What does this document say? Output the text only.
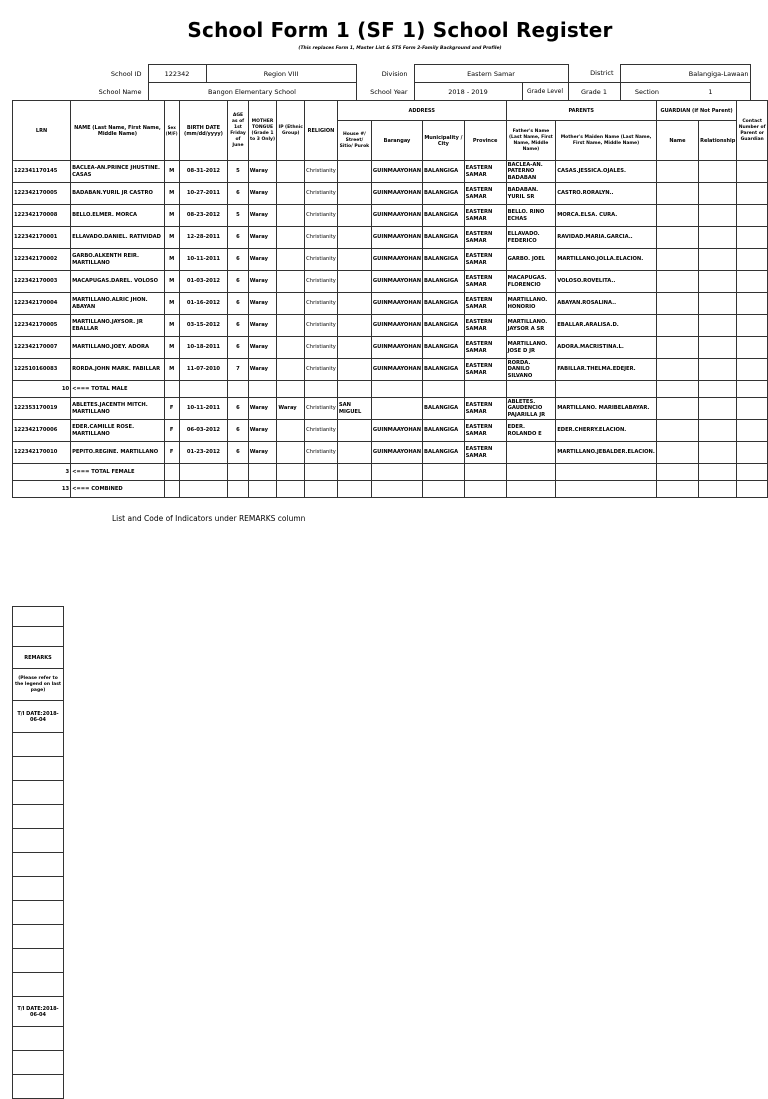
School Form 1 (SF 1) School Register
(This replaces Form 1, Master List & STS Form 2-Family Background and Profile)
School ID	122342	Region VIII	Division	Eastern Samar		District	Balangiga-Lawaan
School Name	Bangon Elementary School		School Year	2018 - 2019	Grade Level	Grade 1	Section 1
LRN	NAME (Last Name, First Name, Middle Name)	Sex (M/F)	BIRTH DATE (mm/dd/yyyy)	AGE as of 1st Friday of June	MOTHER TONGUE (Grade 1 to 3 Only)	IP (Ethnic Group)	RELIGION	ADDRESS				PARENTS		GUARDIAN (if Not Parent)		Contact Number of Parent or Guardian
								House #/ Street/ Sitio/ Purok	Barangay	Municipality / City	Province	Father's Name (Last Name, First Name, Middle Name)	Mother's Maiden Name (Last Name, First Name, Middle Name)	Name	Relationship	
122341170145	BACLEA-AN.PRINCE JHUSTINE. CASAS	M	08-31-2012	5	Waray		Christianity		GUINMAAYOHAN	BALANGIGA	EASTERN SAMAR	BACLEA-AN. PATERNO BADABAN	CASAS.JESSICA.OJALES.			
122342170005	BADABAN.YURIL JR CASTRO	M	10-27-2011	6	Waray		Christianity		GUINMAAYOHAN	BALANGIGA	EASTERN SAMAR	BADABAN. YURIL SR	CASTRO.RORALYN..			
122342170008	BELLO.ELMER. MORCA	M	08-23-2012	5	Waray		Christianity		GUINMAAYOHAN	BALANGIGA	EASTERN SAMAR	BELLO. RINO ECHAS	MORCA.ELSA. CURA.			
122342170001	ELLAVADO.DANIEL. RATIVIDAD	M	12-28-2011	6	Waray		Christianity		GUINMAAYOHAN	BALANGIGA	EASTERN SAMAR	ELLAVADO. FEDERICO	RAVIDAD.MARIA.GARCIA..			
122342170002	GARBO.ALKENTH REIR. MARTILLANO	M	10-11-2011	6	Waray		Christianity		GUINMAAYOHAN	BALANGIGA	EASTERN SAMAR	GARBO. JOEL	MARTILLANO.JOLLA.ELACION.			
122342170003	MACAPUGAS.DAREL. VOLOSO	M	01-03-2012	6	Waray		Christianity		GUINMAAYOHAN	BALANGIGA	EASTERN SAMAR	MACAPUGAS. FLORENCIO	VOLOSO.ROVELITA..			
122342170004	MARTILLANO.ALRIC JHON. ABAYAN	M	01-16-2012	6	Waray		Christianity		GUINMAAYOHAN	BALANGIGA	EASTERN SAMAR	MARTILLANO. HONORIO	ABAYAN.ROSALINA..			
122342170005	MARTILLANO.JAYSOR. JR EBALLAR	M	03-15-2012	6	Waray		Christianity		GUINMAAYOHAN	BALANGIGA	EASTERN SAMAR	MARTILLANO. JAYSOR A SR	EBALLAR.ARALISA.D.			
122342170007	MARTILLANO.JOEY. ADORA	M	10-18-2011	6	Waray		Christianity		GUINMAAYOHAN	BALANGIGA	EASTERN SAMAR	MARTILLANO. JOSE D JR	ADORA.MACRISTINA.L.			
122510160083	RORDA.JOHN MARK. FABILLAR	M	11-07-2010	7	Waray		Christianity		GUINMAAYOHAN	BALANGIGA	EASTERN SAMAR	RORDA. DANILO SILVANO	FABILLAR.THELMA.EDEJER.			
10	<=== TOTAL MALE															
122353170019	ABLETES.JACENTH MITCH. MARTILLANO	F	10-11-2011	6	Waray	Waray	Christianity	SAN MIGUEL		BALANGIGA	EASTERN SAMAR	ABLETES. GAUDENCIO PAJARILLA JR	MARTILLANO. MARIBELABAYAR.			
122342170006	EDER.CAMILLE ROSE. MARTILLANO	F	06-03-2012	6	Waray		Christianity		GUINMAAYOHAN	BALANGIGA	EASTERN SAMAR	EDER. ROLANDO E	EDER.CHERRY.ELACION.			
122342170010	PEPITO.REGINE. MARTILLANO	F	01-23-2012	6	Waray		Christianity		GUINMAAYOHAN	BALANGIGA	EASTERN SAMAR		MARTILLANO.JEBALDER.ELACION.			
3	<=== TOTAL FEMALE															
13	<=== COMBINED															
List and Code of Indicators under REMARKS column

REMARKS
(Please refer to the legend on last page)
T/I DATE:2018-06-04

T/I DATE:2018-06-04
